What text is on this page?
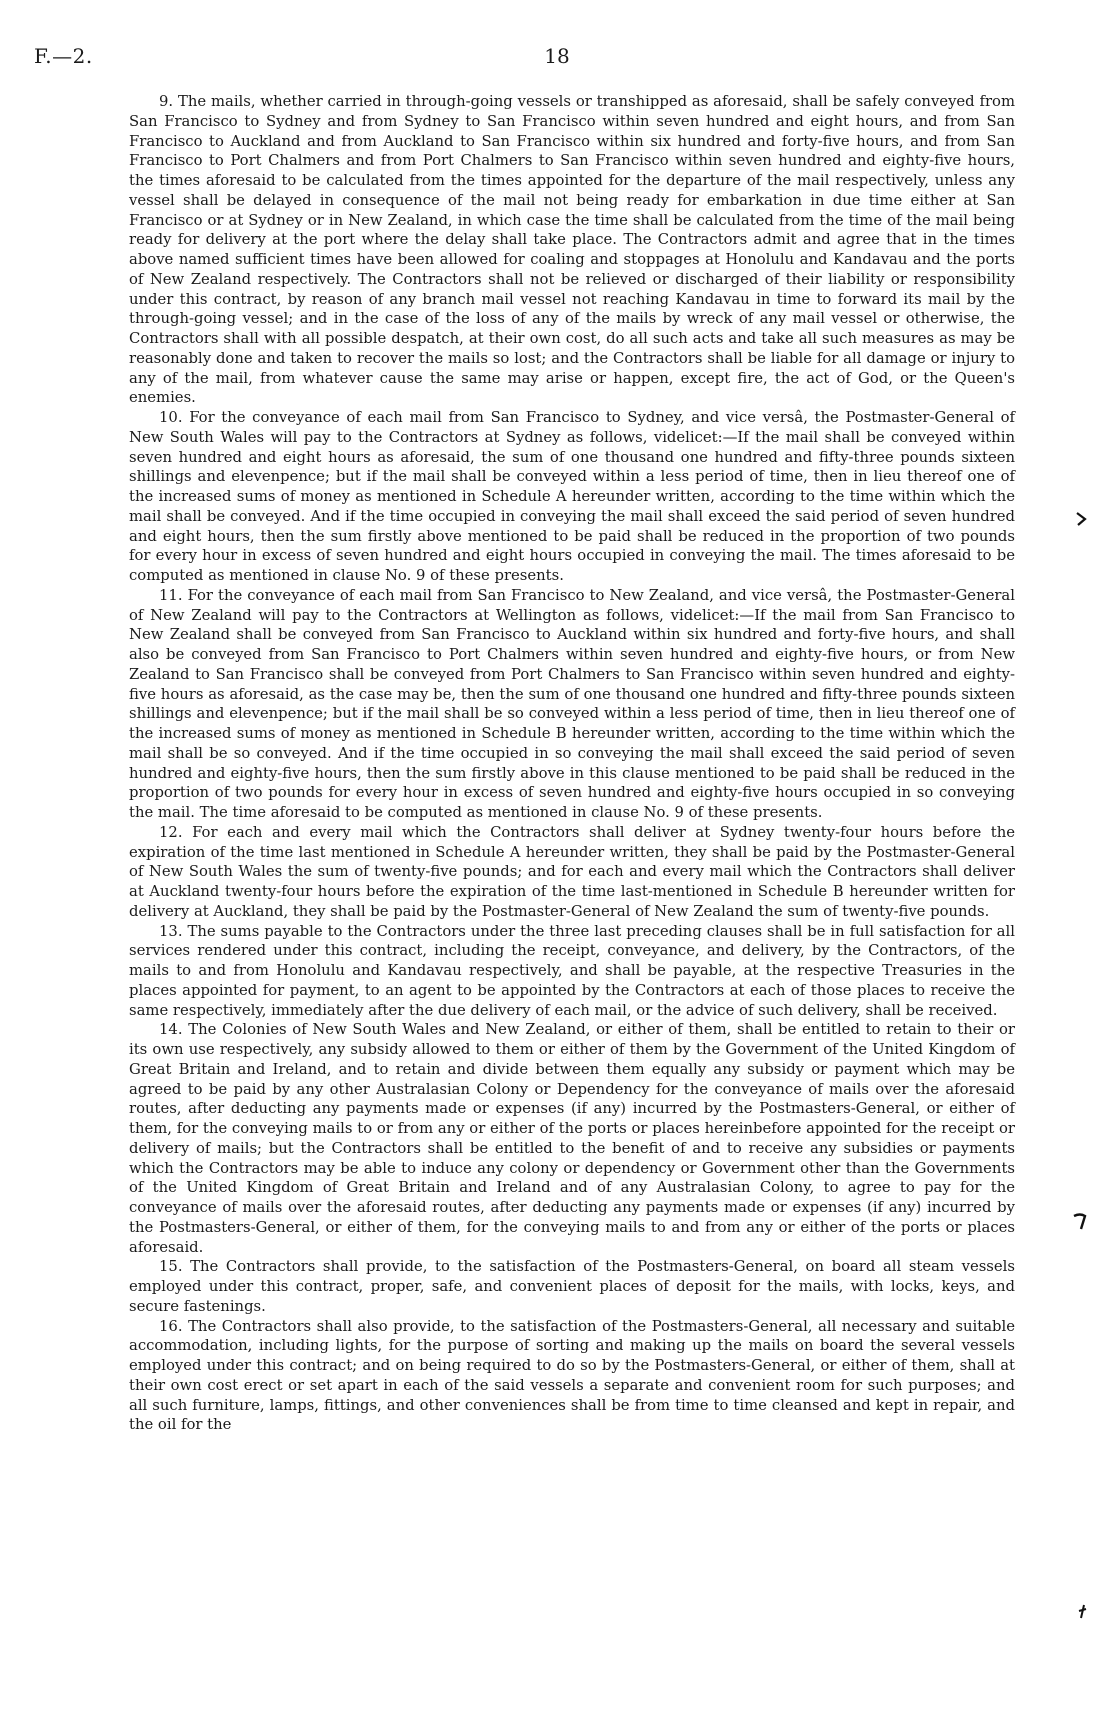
F.—2.	18

9. The mails, whether carried in through-going vessels or transhipped as aforesaid, shall be safely conveyed from San Francisco to Sydney and from Sydney to San Francisco within seven hundred and eight hours, and from San Francisco to Auckland and from Auckland to San Francisco within six hundred and forty-five hours, and from San Francisco to Port Chalmers and from Port Chalmers to San Francisco within seven hundred and eighty-five hours, the times aforesaid to be calculated from the times appointed for the departure of the mail respectively, unless any vessel shall be delayed in consequence of the mail not being ready for embarkation in due time either at San Francisco or at Sydney or in New Zealand, in which case the time shall be calculated from the time of the mail being ready for delivery at the port where the delay shall take place. The Contractors admit and agree that in the times above named sufficient times have been allowed for coaling and stoppages at Honolulu and Kandavau and the ports of New Zealand respectively. The Contractors shall not be relieved or discharged of their liability or responsibility under this contract, by reason of any branch mail vessel not reaching Kandavau in time to forward its mail by the through-going vessel; and in the case of the loss of any of the mails by wreck of any mail vessel or otherwise, the Contractors shall with all possible despatch, at their own cost, do all such acts and take all such measures as may be reasonably done and taken to recover the mails so lost; and the Contractors shall be liable for all damage or injury to any of the mail, from whatever cause the same may arise or happen, except fire, the act of God, or the Queen's enemies.

10. For the conveyance of each mail from San Francisco to Sydney, and vice versâ, the Postmaster-General of New South Wales will pay to the Contractors at Sydney as follows, videlicet:—If the mail shall be conveyed within seven hundred and eight hours as aforesaid, the sum of one thousand one hundred and fifty-three pounds sixteen shillings and elevenpence; but if the mail shall be conveyed within a less period of time, then in lieu thereof one of the increased sums of money as mentioned in Schedule A hereunder written, according to the time within which the mail shall be conveyed. And if the time occupied in conveying the mail shall exceed the said period of seven hundred and eight hours, then the sum firstly above mentioned to be paid shall be reduced in the proportion of two pounds for every hour in excess of seven hundred and eight hours occupied in conveying the mail. The times aforesaid to be computed as mentioned in clause No. 9 of these presents.

11. For the conveyance of each mail from San Francisco to New Zealand, and vice versâ, the Postmaster-General of New Zealand will pay to the Contractors at Wellington as follows, videlicet:—If the mail from San Francisco to New Zealand shall be conveyed from San Francisco to Auckland within six hundred and forty-five hours, and shall also be conveyed from San Francisco to Port Chalmers within seven hundred and eighty-five hours, or from New Zealand to San Francisco shall be conveyed from Port Chalmers to San Francisco within seven hundred and eighty-five hours as aforesaid, as the case may be, then the sum of one thousand one hundred and fifty-three pounds sixteen shillings and elevenpence; but if the mail shall be so conveyed within a less period of time, then in lieu thereof one of the increased sums of money as mentioned in Schedule B hereunder written, according to the time within which the mail shall be so conveyed. And if the time occupied in so conveying the mail shall exceed the said period of seven hundred and eighty-five hours, then the sum firstly above in this clause mentioned to be paid shall be reduced in the proportion of two pounds for every hour in excess of seven hundred and eighty-five hours occupied in so conveying the mail. The time aforesaid to be computed as mentioned in clause No. 9 of these presents.

12. For each and every mail which the Contractors shall deliver at Sydney twenty-four hours before the expiration of the time last mentioned in Schedule A hereunder written, they shall be paid by the Postmaster-General of New South Wales the sum of twenty-five pounds; and for each and every mail which the Contractors shall deliver at Auckland twenty-four hours before the expiration of the time last-mentioned in Schedule B hereunder written for delivery at Auckland, they shall be paid by the Postmaster-General of New Zealand the sum of twenty-five pounds.

13. The sums payable to the Contractors under the three last preceding clauses shall be in full satisfaction for all services rendered under this contract, including the receipt, conveyance, and delivery, by the Contractors, of the mails to and from Honolulu and Kandavau respectively, and shall be payable, at the respective Treasuries in the places appointed for payment, to an agent to be appointed by the Contractors at each of those places to receive the same respectively, immediately after the due delivery of each mail, or the advice of such delivery, shall be received.

14. The Colonies of New South Wales and New Zealand, or either of them, shall be entitled to retain to their or its own use respectively, any subsidy allowed to them or either of them by the Government of the United Kingdom of Great Britain and Ireland, and to retain and divide between them equally any subsidy or payment which may be agreed to be paid by any other Australasian Colony or Dependency for the conveyance of mails over the aforesaid routes, after deducting any payments made or expenses (if any) incurred by the Postmasters-General, or either of them, for the conveying mails to or from any or either of the ports or places hereinbefore appointed for the receipt or delivery of mails; but the Contractors shall be entitled to the benefit of and to receive any subsidies or payments which the Contractors may be able to induce any colony or dependency or Government other than the Governments of the United Kingdom of Great Britain and Ireland and of any Australasian Colony, to agree to pay for the conveyance of mails over the aforesaid routes, after deducting any payments made or expenses (if any) incurred by the Postmasters-General, or either of them, for the conveying mails to and from any or either of the ports or places aforesaid.

15. The Contractors shall provide, to the satisfaction of the Postmasters-General, on board all steam vessels employed under this contract, proper, safe, and convenient places of deposit for the mails, with locks, keys, and secure fastenings.

16. The Contractors shall also provide, to the satisfaction of the Postmasters-General, all necessary and suitable accommodation, including lights, for the purpose of sorting and making up the mails on board the several vessels employed under this contract; and on being required to do so by the Postmasters-General, or either of them, shall at their own cost erect or set apart in each of the said vessels a separate and convenient room for such purposes; and all such furniture, lamps, fittings, and other conveniences shall be from time to time cleansed and kept in repair, and the oil for the
